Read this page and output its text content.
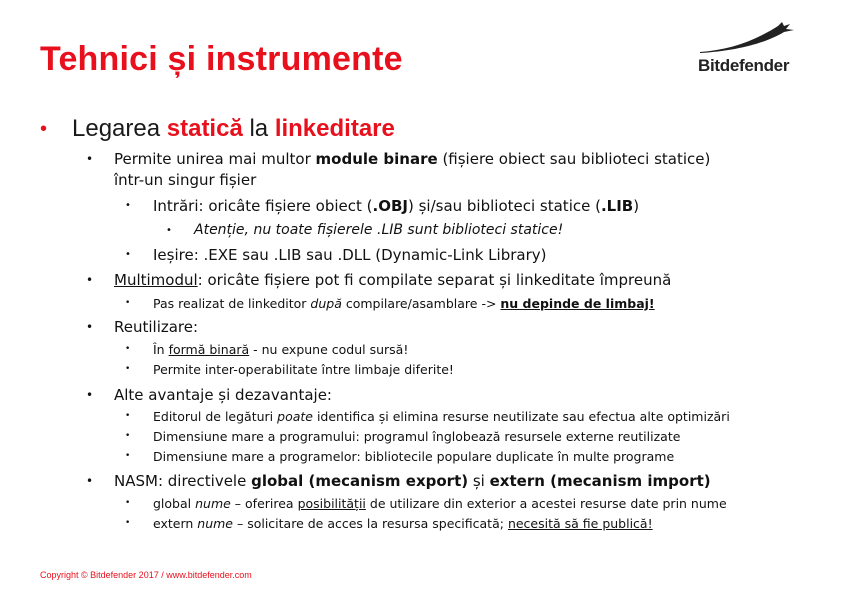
Tehnici și instrumente	Bitdefender
• Legarea statică la linkeditare
• Permite unirea mai multor module binare (fișiere obiect sau biblioteci statice)
într-un singur fișier
• Intrări: oricâte fișiere obiect (.OBJ) și/sau biblioteci statice (.LIB)
• Atenție, nu toate fișierele .LIB sunt biblioteci statice!
• Ieșire: .EXE sau .LIB sau .DLL (Dynamic-Link Library)
• Multimodul: oricâte fișiere pot fi compilate separat și linkeditate împreună
• Pas realizat de linkeditor după compilare/asamblare -> nu depinde de limbaj!
• Reutilizare:
• În formă binară - nu expune codul sursă!
• Permite inter-operabilitate între limbaje diferite!
• Alte avantaje și dezavantaje:
• Editorul de legături poate identifica și elimina resurse neutilizate sau efectua alte optimizări
• Dimensiune mare a programului: programul înglobează resursele externe reutilizate
• Dimensiune mare a programelor: bibliotecile populare duplicate în multe programe
• NASM: directivele global (mecanism export) și extern (mecanism import)
• global nume – oferirea posibilității de utilizare din exterior a acestei resurse date prin nume
• extern nume – solicitare de acces la resursa specificată; necesită să fie publică!
Copyright © Bitdefender 2017 / www.bitdefender.com
